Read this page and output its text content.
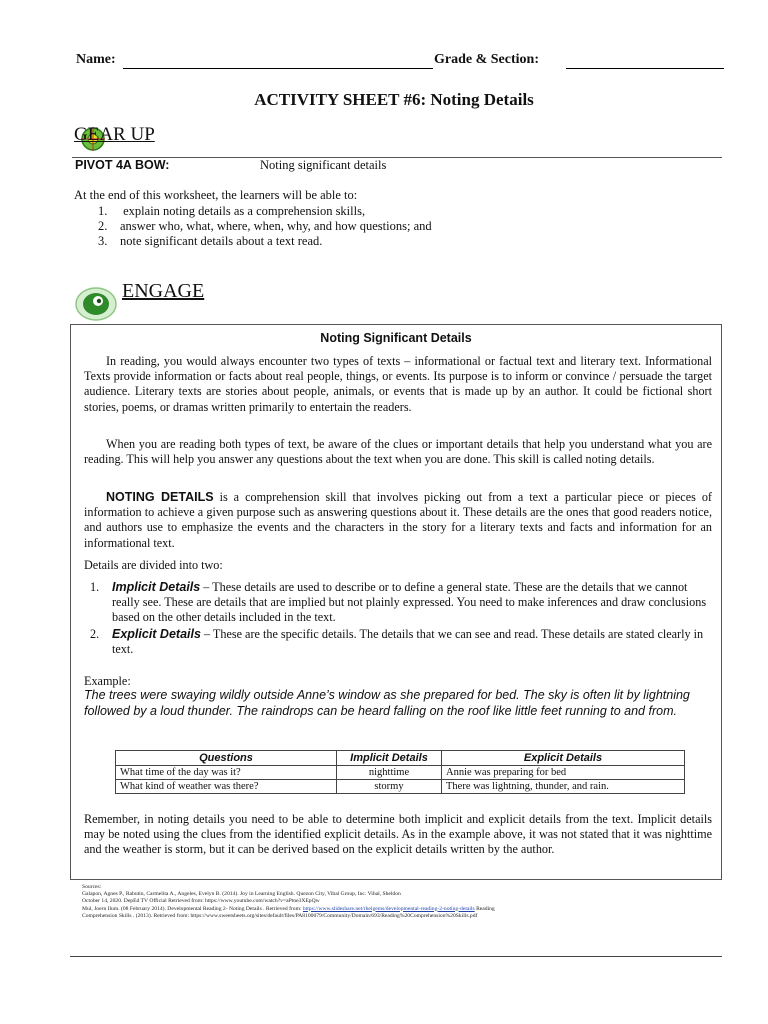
Name:	Grade & Section:
ACTIVITY SHEET #6: Noting Details
GEAR UP
PIVOT 4A BOW:	Noting significant details
At the end of this worksheet, the learners will be able to:
1. explain noting details as a comprehension skills,
2. answer who, what, where, when, why, and how questions; and
3. note significant details about a text read.
ENGAGE
Noting Significant Details
In reading, you would always encounter two types of texts – informational or factual text and literary text. Informational Texts provide information or facts about real people, things, or events. Its purpose is to inform or convince / persuade the target audience. Literary texts are stories about people, animals, or events that is made up by an author. It could be fictional short stories, poems, or dramas written primarily to entertain the readers.
When you are reading both types of text, be aware of the clues or important details that help you understand what you are reading. This will help you answer any questions about the text when you are done. This skill is called noting details.
NOTING DETAILS is a comprehension skill that involves picking out from a text a particular piece or pieces of information to achieve a given purpose such as answering questions about it. These details are the ones that good readers notice, and authors use to emphasize the events and the characters in the story for a literary texts and facts and information for an informational text.
Details are divided into two:
1. Implicit Details – These details are used to describe or to define a general state. These are the details that we cannot really see. These are details that are implied but not plainly expressed. You need to make inferences and draw conclusions based on the other details included in the text.
2. Explicit Details – These are the specific details. The details that we can see and read. These details are stated clearly in text.
Example:
The trees were swaying wildly outside Anne’s window as she prepared for bed. The sky is often lit by lightning followed by a loud thunder. The raindrops can be heard falling on the roof like little feet running to and from.
Questions	Implicit Details	Explicit Details
What time of the day was it?	nighttime	Annie was preparing for bed
What kind of weather was there?	stormy	There was lightning, thunder, and rain.
Remember, in noting details you need to be able to determine both implicit and explicit details from the text. Implicit details may be noted using the clues from the identified explicit details. As in the example above, it was not stated that it was nighttime and the weather is storm, but it can be derived based on the explicit details written by the author.
Sources:
Galapon, Agnes P., Rabutin, Carmelita A., Angeles, Evelyn B. (2014). Joy in Learning English. Quezon City, Vibal Group, Inc. Vibal, Sheldon
October 14, 2020. DepEd TV Official Retrieved from: https://www.youtube.com/watch?v=aPtne3XEpQw
Mul, Joern Ilum. (08 February 2014). Developmental Reading 2- Noting Details . Retrieved from: https://www.slideshare.net/rhelgems/developmental-reading-2-noting-details Reading
Comprehension Skills . (2013). Retrieved from: https://www.sweetsheets.org/sites/default/files/PA8100079/Community/Domain/693/Reading%20Comprehension%20Skills.pdf
